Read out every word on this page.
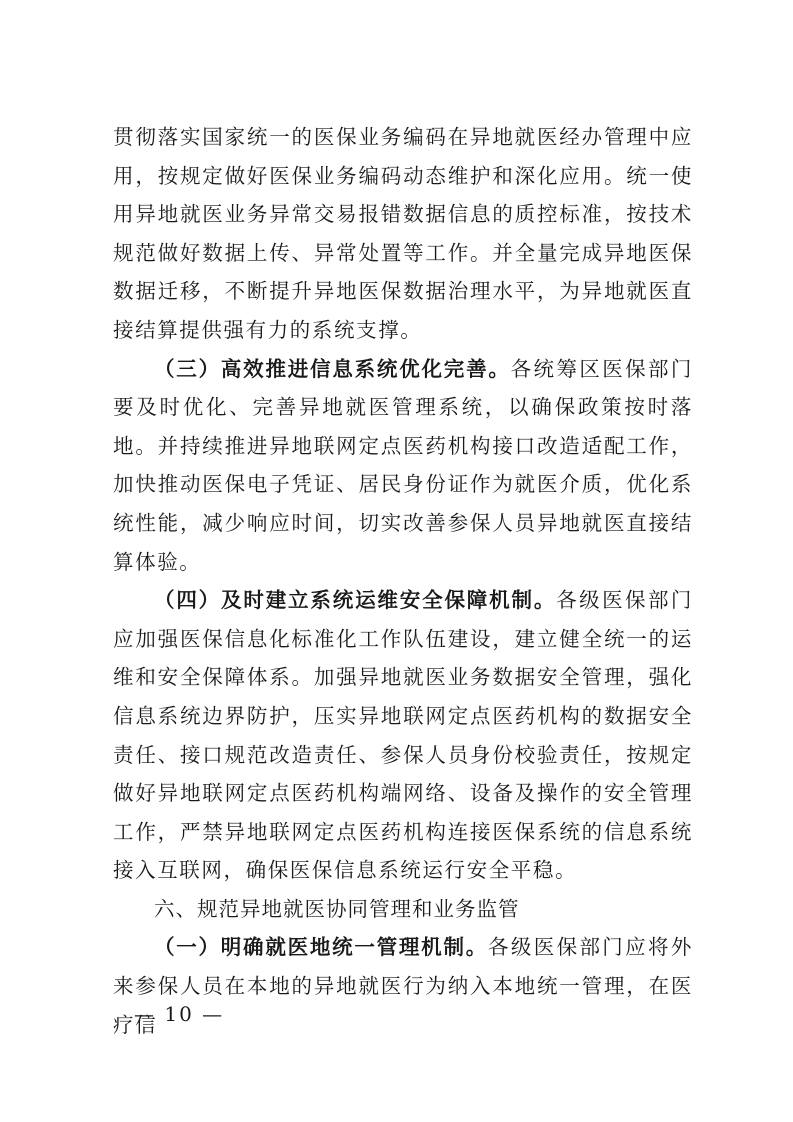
贯彻落实国家统一的医保业务编码在异地就医经办管理中应用，按规定做好医保业务编码动态维护和深化应用。统一使用异地就医业务异常交易报错数据信息的质控标准，按技术规范做好数据上传、异常处置等工作。并全量完成异地医保数据迁移，不断提升异地医保数据治理水平，为异地就医直接结算提供强有力的系统支撑。

（三）高效推进信息系统优化完善。各统筹区医保部门要及时优化、完善异地就医管理系统，以确保政策按时落地。并持续推进异地联网定点医药机构接口改造适配工作，加快推动医保电子凭证、居民身份证作为就医介质，优化系统性能，减少响应时间，切实改善参保人员异地就医直接结算体验。

（四）及时建立系统运维安全保障机制。各级医保部门应加强医保信息化标准化工作队伍建设，建立健全统一的运维和安全保障体系。加强异地就医业务数据安全管理，强化信息系统边界防护，压实异地联网定点医药机构的数据安全责任、接口规范改造责任、参保人员身份校验责任，按规定做好异地联网定点医药机构端网络、设备及操作的安全管理工作，严禁异地联网定点医药机构连接医保系统的信息系统接入互联网，确保医保信息系统运行安全平稳。

六、规范异地就医协同管理和业务监管

（一）明确就医地统一管理机制。各级医保部门应将外来参保人员在本地的异地就医行为纳入本地统一管理，在医疗信

— 10 —
